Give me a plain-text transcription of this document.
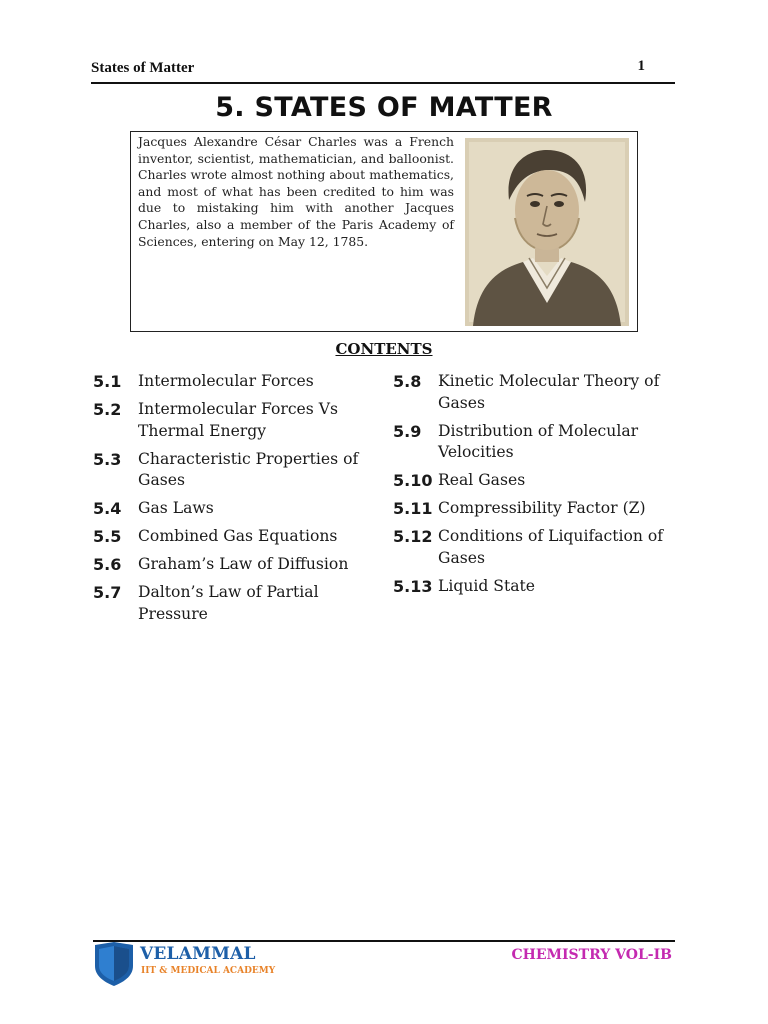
States of Matter	1
5. STATES OF MATTER

Jacques Alexandre César Charles was a French inventor, scientist, mathematician, and balloonist. Charles wrote almost nothing about mathematics, and most of what has been credited to him was due to mistaking him with another Jacques Charles, also a member of the Paris Academy of Sciences, entering on May 12, 1785.

CONTENTS
5.1 Intermolecular Forces
5.2 Intermolecular Forces Vs Thermal Energy
5.3 Characteristic Properties of Gases
5.4 Gas Laws
5.5 Combined Gas Equations
5.6 Graham’s Law of Diffusion
5.7 Dalton’s Law of Partial Pressure
5.8 Kinetic Molecular Theory of Gases
5.9 Distribution of Molecular Velocities
5.10 Real Gases
5.11 Compressibility Factor (Z)
5.12 Conditions of Liquifaction of Gases
5.13 Liquid State
VELAMMAL
IIT & MEDICAL ACADEMY
CHEMISTRY VOL-IB
